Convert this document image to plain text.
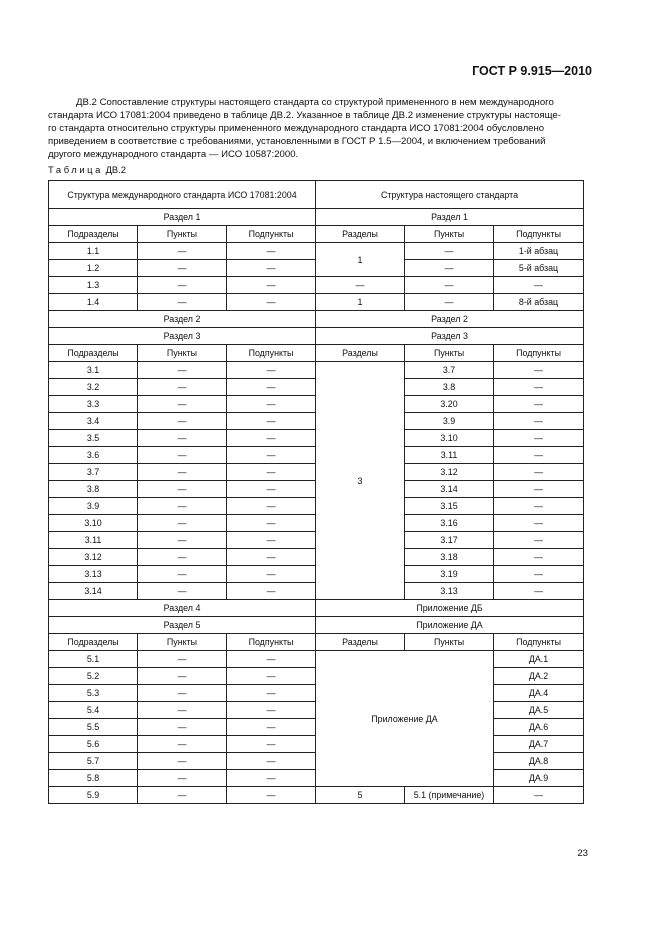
ГОСТ Р 9.915—2010
ДВ.2 Сопоставление структуры настоящего стандарта со структурой примененного в нем международного
стандарта ИСО 17081:2004 приведено в таблице ДВ.2. Указанное в таблице ДВ.2 изменение структуры настояще-
го стандарта относительно структуры примененного международного стандарта ИСО 17081:2004 обусловлено
приведением в соответствие с требованиями, установленными в ГОСТ Р 1.5—2004, и включением требований
другого международного стандарта — ИСО 10587:2000.
Таблица ДВ.2
Структура международного стандарта ИСО 17081:2004			Структура настоящего стандарта		
Раздел 1			Раздел 1		
Подразделы	Пункты	Подпункты	Разделы	Пункты	Подпункты
1.1	—	—	1	—	1-й абзац
1.2	—	—		—	5-й абзац
1.3	—	—	—	—	—
1.4	—	—	1	—	8-й абзац
Раздел 2			Раздел 2		
Раздел 3			Раздел 3		
Подразделы	Пункты	Подпункты	Разделы	Пункты	Подпункты
3.1	—	—	3	3.7	—
3.2	—	—		3.8	—
3.3	—	—		3.20	—
3.4	—	—		3.9	—
3.5	—	—		3.10	—
3.6	—	—		3.11	—
3.7	—	—		3.12	—
3.8	—	—		3.14	—
3.9	—	—		3.15	—
3.10	—	—		3.16	—
3.11	—	—		3.17	—
3.12	—	—		3.18	—
3.13	—	—		3.19	—
3.14	—	—		3.13	—
Раздел 4			Приложение ДБ		
Раздел 5			Приложение ДА		
Подразделы	Пункты	Подпункты	Разделы	Пункты	Подпункты
5.1	—	—	Приложение ДА		ДА.1
5.2	—	—			ДА.2
5.3	—	—			ДА.4
5.4	—	—			ДА.5
5.5	—	—			ДА.6
5.6	—	—			ДА.7
5.7	—	—			ДА.8
5.8	—	—			ДА.9
5.9	—	—	5	5.1 (примечание)	—
23
